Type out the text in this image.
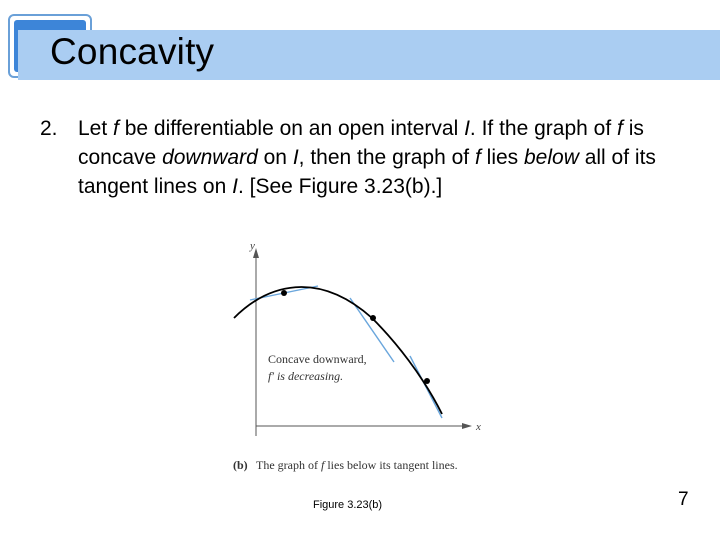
Concavity
2. Let f be differentiable on an open interval I. If the graph of f is concave downward on I, then the graph of f lies below all of its tangent lines on I. [See Figure 3.23(b).]
y
x
Concave downward,
f′ is decreasing.
(b) The graph of f lies below its tangent lines.
Figure 3.23(b)	7
